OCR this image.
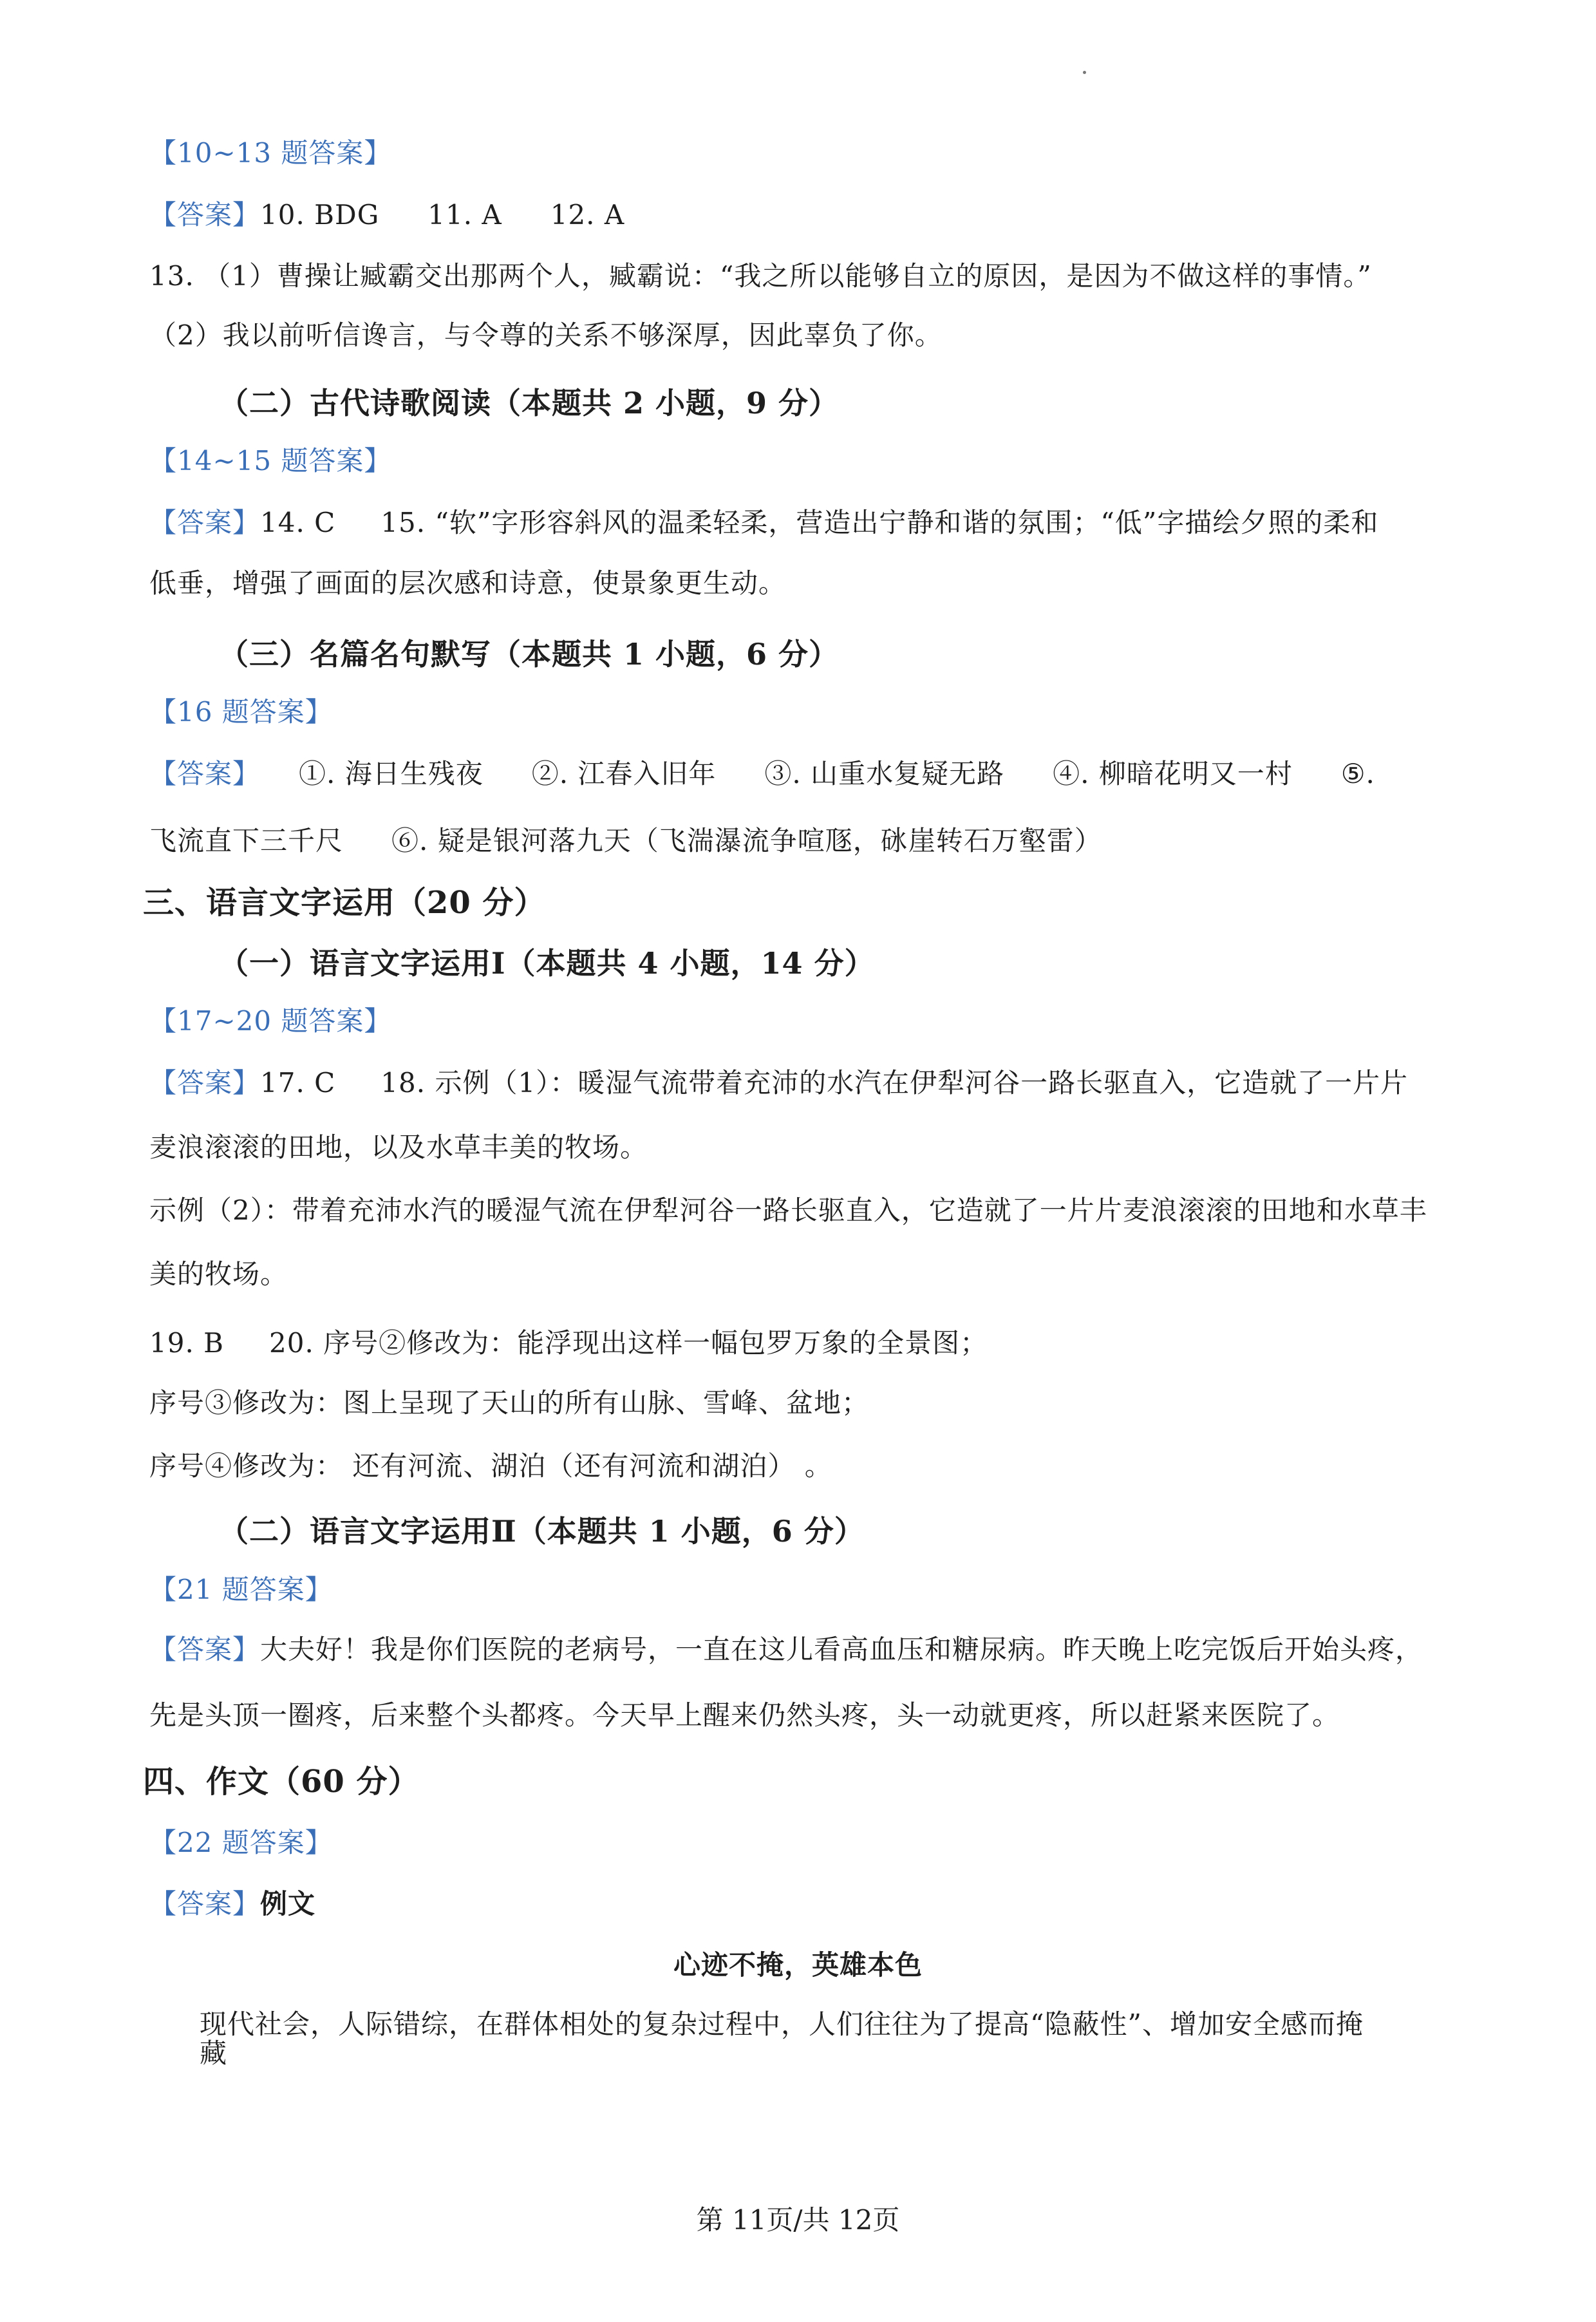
【10~13 题答案】
【答案】10. BDG 11. A 12. A
13. （1）曹操让臧霸交出那两个人，臧霸说：“我之所以能够自立的原因，是因为不做这样的事情。”
（2）我以前听信谗言，与令尊的关系不够深厚，因此辜负了你。
（二）古代诗歌阅读（本题共 2 小题，9 分）
【14~15 题答案】
【答案】14. C 15. “软”字形容斜风的温柔轻柔，营造出宁静和谐的氛围；“低”字描绘夕照的柔和
低垂，增强了画面的层次感和诗意，使景象更生动。
（三）名篇名句默写（本题共 1 小题，6 分）
【16 题答案】
【答案】 ①. 海日生残夜 ②. 江春入旧年 ③. 山重水复疑无路 ④. 柳暗花明又一村 ⑤.
飞流直下三千尺 ⑥. 疑是银河落九天（飞湍瀑流争喧豗，砯崖转石万壑雷）
三、语言文字运用（20 分）
（一）语言文字运用Ⅰ（本题共 4 小题，14 分）
【17~20 题答案】
【答案】17. C 18. 示例（1）：暖湿气流带着充沛的水汽在伊犁河谷一路长驱直入，它造就了一片片
麦浪滚滚的田地，以及水草丰美的牧场。
示例（2）：带着充沛水汽的暖湿气流在伊犁河谷一路长驱直入，它造就了一片片麦浪滚滚的田地和水草丰
美的牧场。
19. B 20. 序号②修改为：能浮现出这样一幅包罗万象的全景图；
序号③修改为：图上呈现了天山的所有山脉、雪峰、盆地；
序号④修改为： 还有河流、湖泊（还有河流和湖泊） 。
（二）语言文字运用Ⅱ（本题共 1 小题，6 分）
【21 题答案】
【答案】大夫好！我是你们医院的老病号，一直在这儿看高血压和糖尿病。昨天晚上吃完饭后开始头疼，
先是头顶一圈疼，后来整个头都疼。今天早上醒来仍然头疼，头一动就更疼，所以赶紧来医院了。
四、作文（60 分）
【22 题答案】
【答案】例文
心迹不掩，英雄本色
现代社会，人际错综，在群体相处的复杂过程中，人们往往为了提高“隐蔽性”、增加安全感而掩
藏
第 11页/共 12页
